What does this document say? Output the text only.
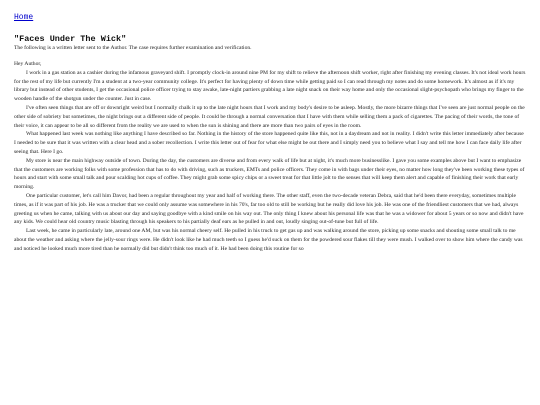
Home
"Faces Under The Wick"
The following is a written letter sent to the Author. The case requires further examination and verification.
Hey Author,

I work in a gas station as a cashier during the infamous graveyard shift. I promptly clock-in around nine PM for my shift to relieve the afternoon shift worker, right after finishing my evening classes. It's not ideal work hours for the rest of my life but currently I'm a student at a two-year community college. It's perfect for having plenty of down time while getting paid so I can read through my notes and do some homework. It's almost as if it's my library but instead of other students, I get the occasional police officer trying to stay awake, late-night partiers grabbing a late night snack on their way home and only the occasional slight-psychopath who brings my finger to the wooden handle of the shotgun under the counter. Just in case.

I've often seen things that are off or downright weird but I normally chalk it up to the late night hours that I work and my body's desire to be asleep. Mostly, the more bizarre things that I've seen are just normal people on the other side of sobriety but sometimes, the night brings out a different side of people. It could be through a normal conversation that I have with them while selling them a pack of cigarettes. The pacing of their words, the tone of their voice, it can appear to be all so different from the reality we are used to when the sun is shining and there are more than two pairs of eyes in the room.

What happened last week was nothing like anything I have described so far. Nothing in the history of the store happened quite like this, not in a daydream and not in reality. I didn't write this letter immediately after because I needed to be sure that it was written with a clear head and a sober recollection. I write this letter out of fear for what else might be out there and I simply need you to believe what I say and tell me how I can face daily life after seeing that. Here I go.

My store is near the main highway outside of town. During the day, the customers are diverse and from every walk of life but at night, it's much more businesslike. I gave you some examples above but I want to emphasize that the customers are working folks with some profession that has to do with driving, such as truckers, EMTs and police officers. They come in with bags under their eyes, no matter how long they've been working these types of hours and start with some small talk and pour scalding hot cups of coffee. They might grab some spicy chips or a sweet treat for that little jolt to the senses that will keep them alert and capable of finishing their work that early morning.

One particular customer, let's call him Davor, had been a regular throughout my year and half of working there. The other staff, even the two-decade veteran Debra, said that he'd been there everyday, sometimes multiple times, as if it was part of his job. He was a trucker that we could only assume was somewhere in his 70's, far too old to still be working but he really did love his job. He was one of the friendliest customers that we had, always greeting us when he came, talking with us about our day and saying goodbye with a kind smile on his way out. The only thing I knew about his personal life was that he was a widower for about 5 years or so now and didn't have any kids. We could hear old country music blasting through his speakers to his partially deaf ears as he pulled in and out, loudly singing out-of-tune but full of life.

Last week, he came in particularly late, around one AM, but was his normal cheery self. He pulled in his truck to get gas up and was walking around the store, picking up some snacks and shouting some small talk to me about the weather and asking where the jelly-sour rings were. He didn't look like he had much teeth so I guess he'd suck on them for the powdered sour flakes till they were mush. I walked over to show him where the candy was and noticed he looked much more tired than he normally did but didn't think too much of it. He had been doing this routine for so
